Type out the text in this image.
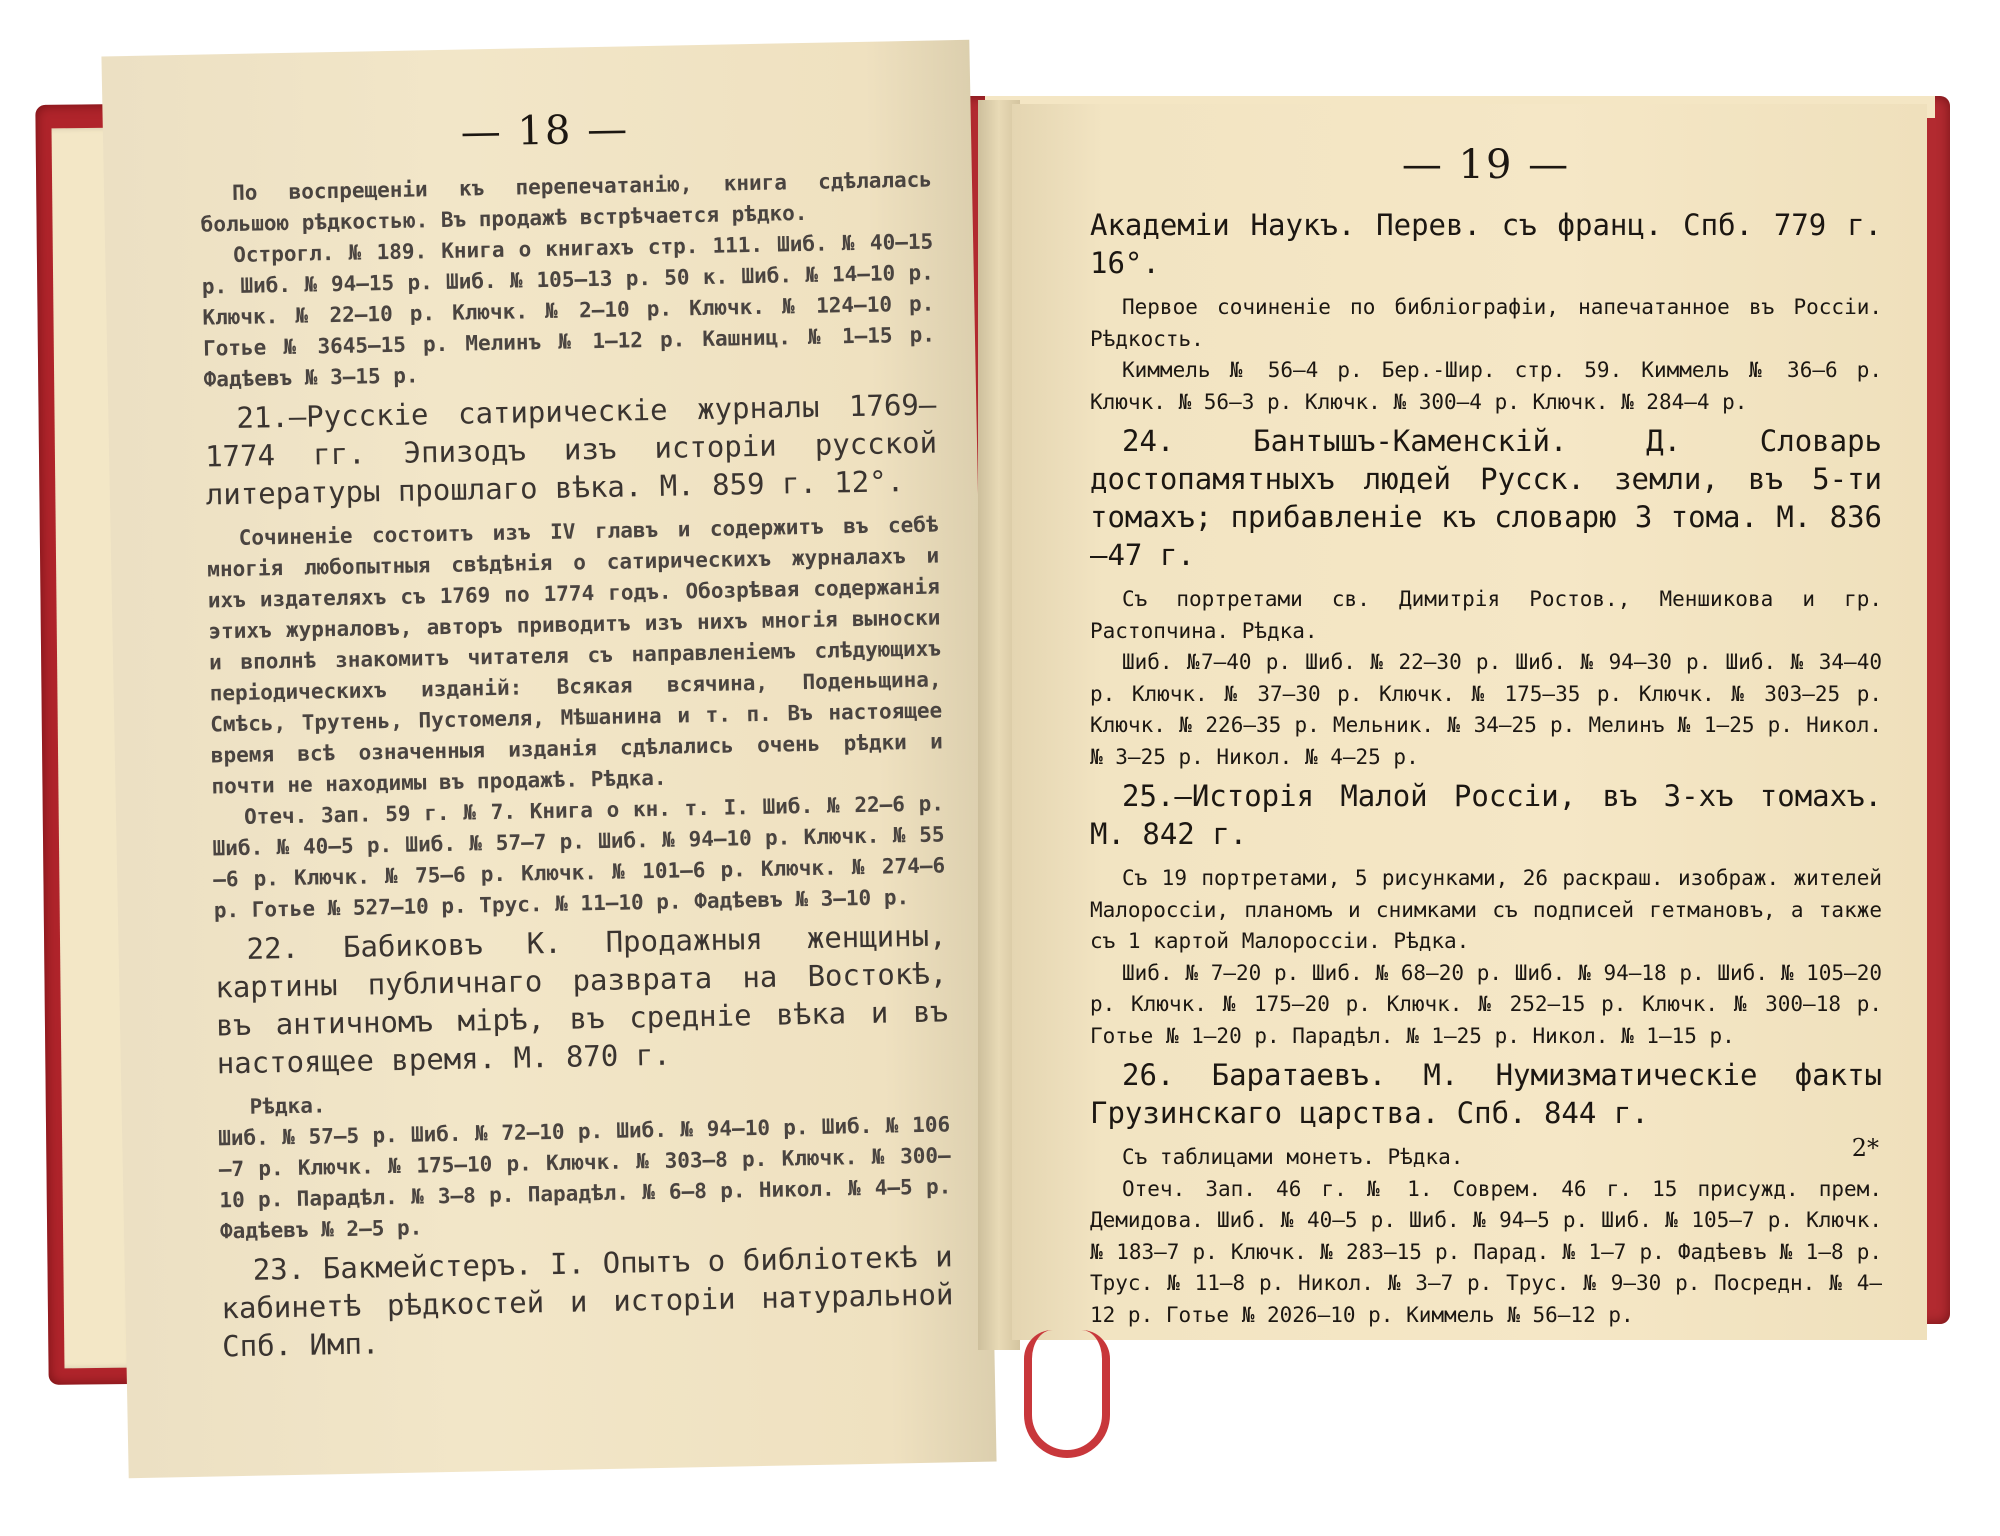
— 18 —

По воспрещеніи къ перепечатанію, книга сдѣлалась большою рѣдкостью. Въ продажѣ встрѣчается рѣдко.

Острогл. № 189. Книга о книгахъ стр. 111. Шиб. № 40—15 р. Шиб. № 94—15 р. Шиб. № 105—13 р. 50 к. Шиб. № 14—10 р. Ключк. № 22—10 р. Ключк. № 2—10 р. Ключк. № 124—10 р. Готье № 3645—15 р. Мелинъ № 1—12 р. Кашниц. № 1—15 р. Фадѣевъ № 3—15 р.

21.—Русскіе сатирическіе журналы 1769—1774 гг. Эпизодъ изъ исторіи русской литературы прошлаго вѣка. М. 859 г. 12°.

Сочиненіе состоитъ изъ IV главъ и содержитъ въ себѣ многія любопытныя свѣдѣнія о сатирическихъ журналахъ и ихъ издателяхъ съ 1769 по 1774 годъ. Обозрѣвая содержанія этихъ журналовъ, авторъ приводитъ изъ нихъ многія выноски и вполнѣ знакомитъ читателя съ направленіемъ слѣдующихъ періодическихъ изданій: Всякая всячина, Поденьщина, Смѣсь, Трутень, Пустомеля, Мѣшанина и т. п. Въ настоящее время всѣ означенныя изданія сдѣлались очень рѣдки и почти не находимы въ продажѣ. Рѣдка.

Отеч. Зап. 59 г. № 7. Книга о кн. т. I. Шиб. № 22—6 р. Шиб. № 40—5 р. Шиб. № 57—7 р. Шиб. № 94—10 р. Ключк. № 55—6 р. Ключк. № 75—6 р. Ключк. № 101—6 р. Ключк. № 274—6 р. Готье № 527—10 р. Трус. № 11—10 р. Фадѣевъ № 3—10 р.

22. Бабиковъ К. Продажныя женщины, картины публичнаго разврата на Востокѣ, въ античномъ мірѣ, въ средніе вѣка и въ настоящее время. М. 870 г.

Рѣдка.

Шиб. № 57—5 р. Шиб. № 72—10 р. Шиб. № 94—10 р. Шиб. № 106—7 р. Ключк. № 175—10 р. Ключк. № 303—8 р. Ключк. № 300—10 р. Парадѣл. № 3—8 р. Парадѣл. № 6—8 р. Никол. № 4—5 р. Фадѣевъ № 2—5 р.

23. Бакмейстеръ. I. Опытъ о библіотекѣ и кабинетѣ рѣдкостей и исторіи натуральной Спб. Имп.

— 19 —

Академіи Наукъ. Перев. съ франц. Спб. 779 г. 16°.

Первое сочиненіе по библіографіи, напечатанное въ Россіи. Рѣдкость.

Киммель № 56—4 р. Бер.-Шир. стр. 59. Киммель № 36—6 р. Ключк. № 56—3 р. Ключк. № 300—4 р. Ключк. № 284—4 р.

24. Бантышъ-Каменскій. Д. Словарь достопамятныхъ людей Русск. земли, въ 5-ти томахъ; прибавленіе къ словарю 3 тома. М. 836—47 г.

Съ портретами св. Димитрія Ростов., Меншикова и гр. Растопчина. Рѣдка.

Шиб. №7—40 р. Шиб. № 22—30 р. Шиб. № 94—30 р. Шиб. № 34—40 р. Ключк. № 37—30 р. Ключк. № 175—35 р. Ключк. № 303—25 р. Ключк. № 226—35 р. Мельник. № 34—25 р. Мелинъ № 1—25 р. Никол. № 3—25 р. Никол. № 4—25 р.

25.—Исторія Малой Россіи, въ 3-хъ томахъ. М. 842 г.

Съ 19 портретами, 5 рисунками, 26 раскраш. изображ. жителей Малороссіи, планомъ и снимками съ подписей гетмановъ, а также съ 1 картой Малороссіи. Рѣдка.

Шиб. № 7—20 р. Шиб. № 68—20 р. Шиб. № 94—18 р. Шиб. № 105—20 р. Ключк. № 175—20 р. Ключк. № 252—15 р. Ключк. № 300—18 р. Готье № 1—20 р. Парадѣл. № 1—25 р. Никол. № 1—15 р.

26. Баратаевъ. М. Нумизматическіе факты Грузинскаго царства. Спб. 844 г.

Съ таблицами монетъ. Рѣдка.

Отеч. Зап. 46 г. № 1. Соврем. 46 г. 15 присужд. прем. Демидова. Шиб. № 40—5 р. Шиб. № 94—5 р. Шиб. № 105—7 р. Ключк. № 183—7 р. Ключк. № 283—15 р. Парад. № 1—7 р. Фадѣевъ № 1—8 р. Трус. № 11—8 р. Никол. № 3—7 р. Трус. № 9—30 р. Посредн. № 4—12 р. Готье № 2026—10 р. Киммель № 56—12 р.

2*
